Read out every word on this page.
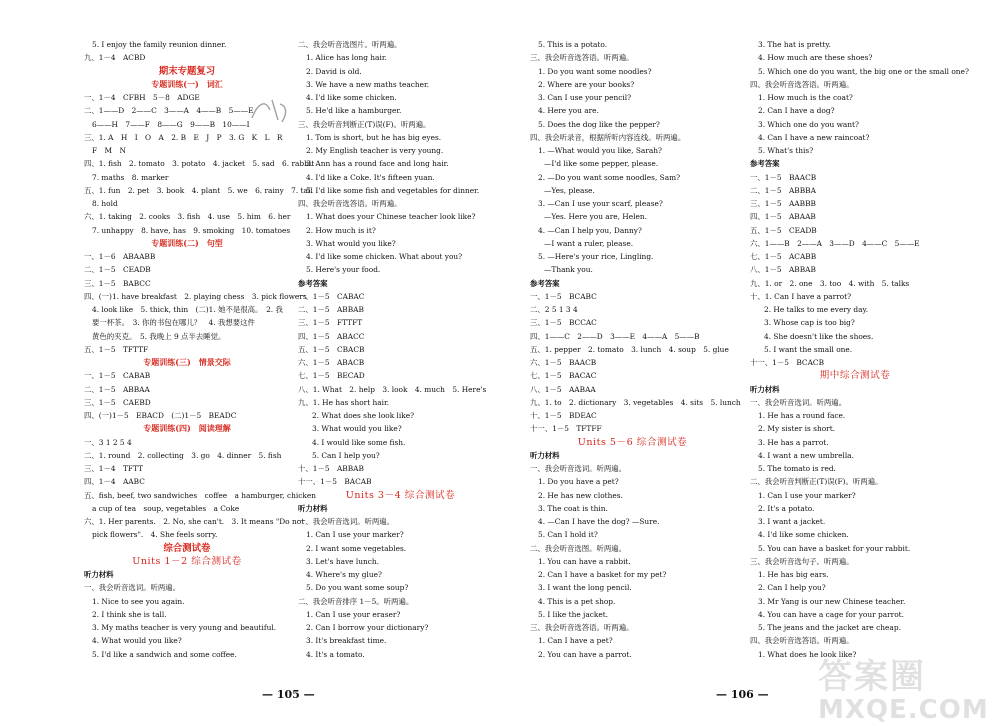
5. I enjoy the family reunion dinner.
九、1－4　ACBD
期末专题复习
专题训练(一)　词汇
一、1－4　CFBH　5－8　ADGE
二、1——D　2——C　3——A　4——B　5——E
6——H　7——F　8——G　9——B　10——I
三、1. A　H　I　O　A　2. B　E　J　P　3. G　K　L　R
F　M　N
四、1. fish　2. tomato　3. potato　4. jacket　5. sad　6. rabbit
7. maths　8. marker
五、1. fun　2. pet　3. book　4. plant　5. we　6. rainy　7. tall
8. hold
六、1. taking　2. cooks　3. fish　4. use　5. him　6. her
7. unhappy　8. have, has　9. smoking　10. tomatoes
专题训练(二)　句型
一、1－6　ABAABB
二、1－5　CEADB
三、1－5　BABCC
四、(一)1. have breakfast　2. playing chess　3. pick flowers
4. look like　5. thick, thin　(二)1. 她不是很高。　2. 我
要一杯茶。　3. 你的书包在哪儿？　4. 我想要这件
黄色的夹克。　5. 我晚上 9 点半去睡觉。
五、1－5　TFTTF
专题训练(三)　情景交际
一、1－5　CABAB
二、1－5　ABBAA
三、1－5　CAEBD
四、(一)1－5　EBACD　(二)1－5　BEADC
专题训练(四)　阅读理解
一、3 1 2 5 4
二、1. round　2. collecting　3. go　4. dinner　5. fish
三、1－4　TFTT
四、1－4　AABC
五、fish, beef, two sandwiches　coffee　a hamburger, chicken
a cup of tea　soup, vegetables　a Coke
六、1. Her parents.　2. No, she can't.　3. It means "Do not
pick flowers".　4. She feels sorry.
综合测试卷
Units 1－2 综合测试卷
听力材料
一、我会听音选词。听两遍。
1. Nice to see you again.
2. I think she is tall.
3. My maths teacher is very young and beautiful.
4. What would you like?
5. I'd like a sandwich and some coffee.
二、我会听音选图片。听两遍。
1. Alice has long hair.
2. David is old.
3. We have a new maths teacher.
4. I'd like some chicken.
5. He'd like a hamburger.
三、我会听音判断正(T)误(F)。听两遍。
1. Tom is short, but he has big eyes.
2. My English teacher is very young.
3. Ann has a round face and long hair.
4. I'd like a Coke. It's fifteen yuan.
5. I'd like some fish and vegetables for dinner.
四、我会听音选答语。听两遍。
1. What does your Chinese teacher look like?
2. How much is it?
3. What would you like?
4. I'd like some chicken. What about you?
5. Here's your food.
参考答案
一、1－5　CABAC
二、1－5　ABBAB
三、1－5　FTTFT
四、1－5　ABACC
五、1－5　CBACB
六、1－5　ABACB
七、1－5　BECAD
八、1. What　2. help　3. look　4. much　5. Here's
九、1. He has short hair.
2. What does she look like?
3. What would you like?
4. I would like some fish.
5. Can I help you?
十、1－5　ABBAB
十一、1－5　BACAB
Units 3－4 综合测试卷
听力材料
一、我会听音选词。听两遍。
1. Can I use your marker?
2. I want some vegetables.
3. Let's have lunch.
4. Where's my glue?
5. Do you want some soup?
二、我会听音排序 1－5。听两遍。
1. Can I use your eraser?
2. Can I borrow your dictionary?
3. It's breakfast time.
4. It's a tomato.
5. This is a potato.
三、我会听音选答语。听两遍。
1. Do you want some noodles?
2. Where are your books?
3. Can I use your pencil?
4. Here you are.
5. Does the dog like the pepper?
四、我会听录音，根据所听内容连线。听两遍。
1. —What would you like, Sarah?
—I'd like some pepper, please.
2. —Do you want some noodles, Sam?
—Yes, please.
3. —Can I use your scarf, please?
—Yes. Here you are, Helen.
4. —Can I help you, Danny?
—I want a ruler, please.
5. —Here's your rice, Lingling.
—Thank you.
参考答案
一、1－5　BCABC
二、2 5 1 3 4
三、1－5　BCCAC
四、1——C　2——D　3——E　4——A　5——B
五、1. pepper　2. tomato　3. lunch　4. soup　5. glue
六、1－5　BAACB
七、1－5　BACAC
八、1－5　AABAA
九、1. to　2. dictionary　3. vegetables　4. sits　5. lunch
十、1－5　BDEAC
十一、1－5　TFTFF
Units 5－6 综合测试卷
听力材料
一、我会听音选词。听两遍。
1. Do you have a pet?
2. He has new clothes.
3. The coat is thin.
4. —Can I have the dog? —Sure.
5. Can I hold it?
二、我会听音选图。听两遍。
1. You can have a rabbit.
2. Can I have a basket for my pet?
3. I want the long pencil.
4. This is a pet shop.
5. I like the jacket.
三、我会听音选答语。听两遍。
1. Can I have a pet?
2. You can have a parrot.
3. The hat is pretty.
4. How much are these shoes?
5. Which one do you want, the big one or the small one?
四、我会听音选答语。听两遍。
1. How much is the coat?
2. Can I have a dog?
3. Which one do you want?
4. Can I have a new raincoat?
5. What's this?
参考答案
一、1－5　BAACB
二、1－5　ABBBA
三、1－5　AABBB
四、1－5　ABAAB
五、1－5　CEADB
六、1——B　2——A　3——D　4——C　5——E
七、1－5　ACABB
八、1－5　ABBAB
九、1. or　2. one　3. too　4. with　5. talks
十、1. Can I have a parrot?
2. He talks to me every day.
3. Whose cap is too big?
4. She doesn't like the shoes.
5. I want the small one.
十一、1－5　BCACB
期中综合测试卷
听力材料
一、我会听音选词。听两遍。
1. He has a round face.
2. My sister is short.
3. He has a parrot.
4. I want a new umbrella.
5. The tomato is red.
二、我会听音判断正(T)误(F)。听两遍。
1. Can I use your marker?
2. It's a potato.
3. I want a jacket.
4. I'd like some chicken.
5. You can have a basket for your rabbit.
三、我会听音选句子。听两遍。
1. He has big ears.
2. Can I help you?
3. Mr Yang is our new Chinese teacher.
4. You can have a cage for your parrot.
5. The jeans and the jacket are cheap.
四、我会听音选答语。听两遍。
1. What does he look like?
— 105 —	— 106 — 答案圈
MXQE.COM
